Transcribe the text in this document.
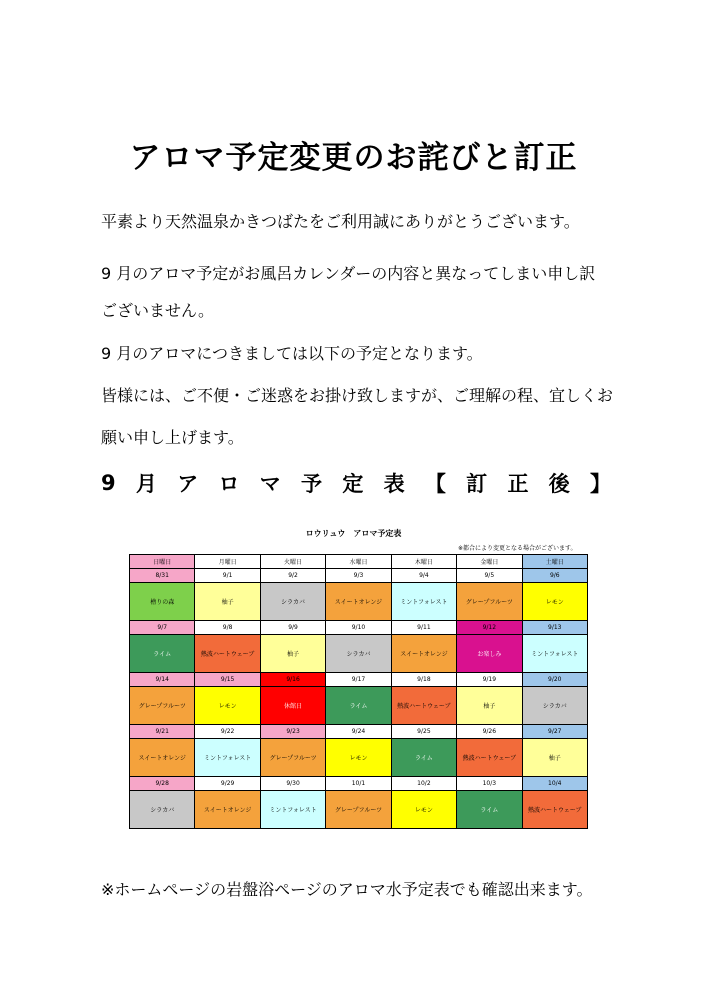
アロマ予定変更のお詫びと訂正
平素より天然温泉かきつばたをご利用誠にありがとうございます。
9 月のアロマ予定がお風呂カレンダーの内容と異なってしまい申し訳
ございません。
9 月のアロマにつきましては以下の予定となります。
皆様には、ご不便・ご迷惑をお掛け致しますが、ご理解の程、宜しくお
願い申し上げます。
9 月 ア ロ マ 予 定 表 【 訂 正 後 】
ロウリュウ　アロマ予定表
※都合により変更となる場合がございます。
日曜日	月曜日	火曜日	水曜日	木曜日	金曜日	土曜日
8/31	9/1	9/2	9/3	9/4	9/5	9/6
檜りの森	柚子	シラカバ	スイートオレンジ	ミントフォレスト	グレープフルーツ	レモン
9/7	9/8	9/9	9/10	9/11	9/12	9/13
ライム	熱波ハートウェーブ	柚子	シラカバ	スイートオレンジ	お楽しみ	ミントフォレスト
9/14	9/15	9/16	9/17	9/18	9/19	9/20
グレープフルーツ	レモン	休館日	ライム	熱波ハートウェーブ	柚子	シラカバ
9/21	9/22	9/23	9/24	9/25	9/26	9/27
スイートオレンジ	ミントフォレスト	グレープフルーツ	レモン	ライム	熱波ハートウェーブ	柚子
9/28	9/29	9/30	10/1	10/2	10/3	10/4
シラカバ	スイートオレンジ	ミントフォレスト	グレープフルーツ	レモン	ライム	熱波ハートウェーブ
※ホームページの岩盤浴ページのアロマ水予定表でも確認出来ます。
